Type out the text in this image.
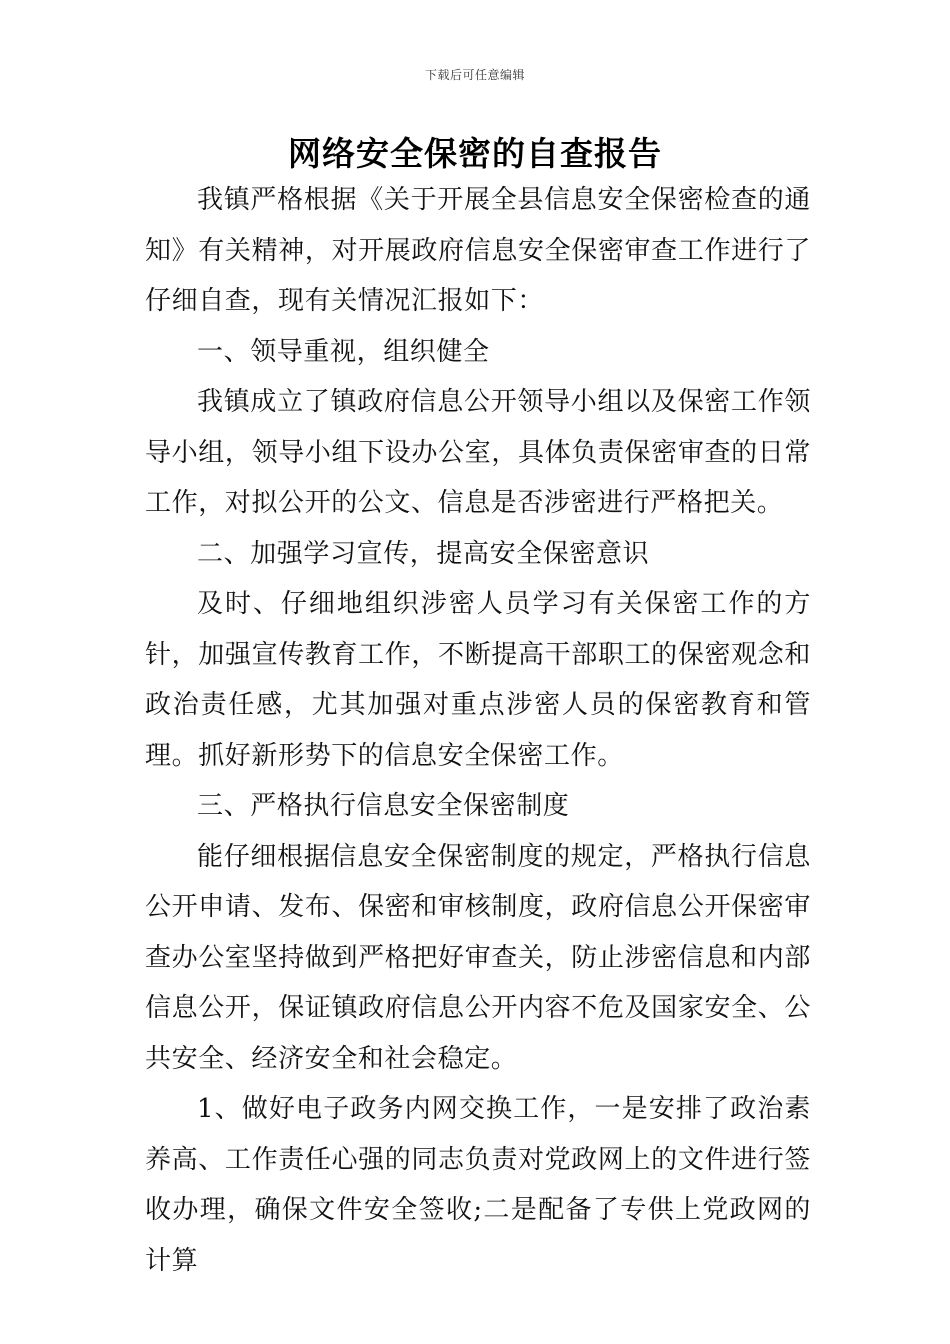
下载后可任意编辑
网络安全保密的自查报告

我镇严格根据《关于开展全县信息安全保密检查的通知》有关精神，对开展政府信息安全保密审查工作进行了仔细自查，现有关情况汇报如下：

一、领导重视，组织健全

我镇成立了镇政府信息公开领导小组以及保密工作领导小组，领导小组下设办公室，具体负责保密审查的日常工作，对拟公开的公文、信息是否涉密进行严格把关。

二、加强学习宣传，提高安全保密意识

及时、仔细地组织涉密人员学习有关保密工作的方针，加强宣传教育工作，不断提高干部职工的保密观念和政治责任感，尤其加强对重点涉密人员的保密教育和管理。抓好新形势下的信息安全保密工作。

三、严格执行信息安全保密制度

能仔细根据信息安全保密制度的规定，严格执行信息公开申请、发布、保密和审核制度，政府信息公开保密审查办公室坚持做到严格把好审查关，防止涉密信息和内部信息公开，保证镇政府信息公开内容不危及国家安全、公共安全、经济安全和社会稳定。

1、做好电子政务内网交换工作，一是安排了政治素养高、工作责任心强的同志负责对党政网上的文件进行签收办理，确保文件安全签收;二是配备了专供上党政网的计算
